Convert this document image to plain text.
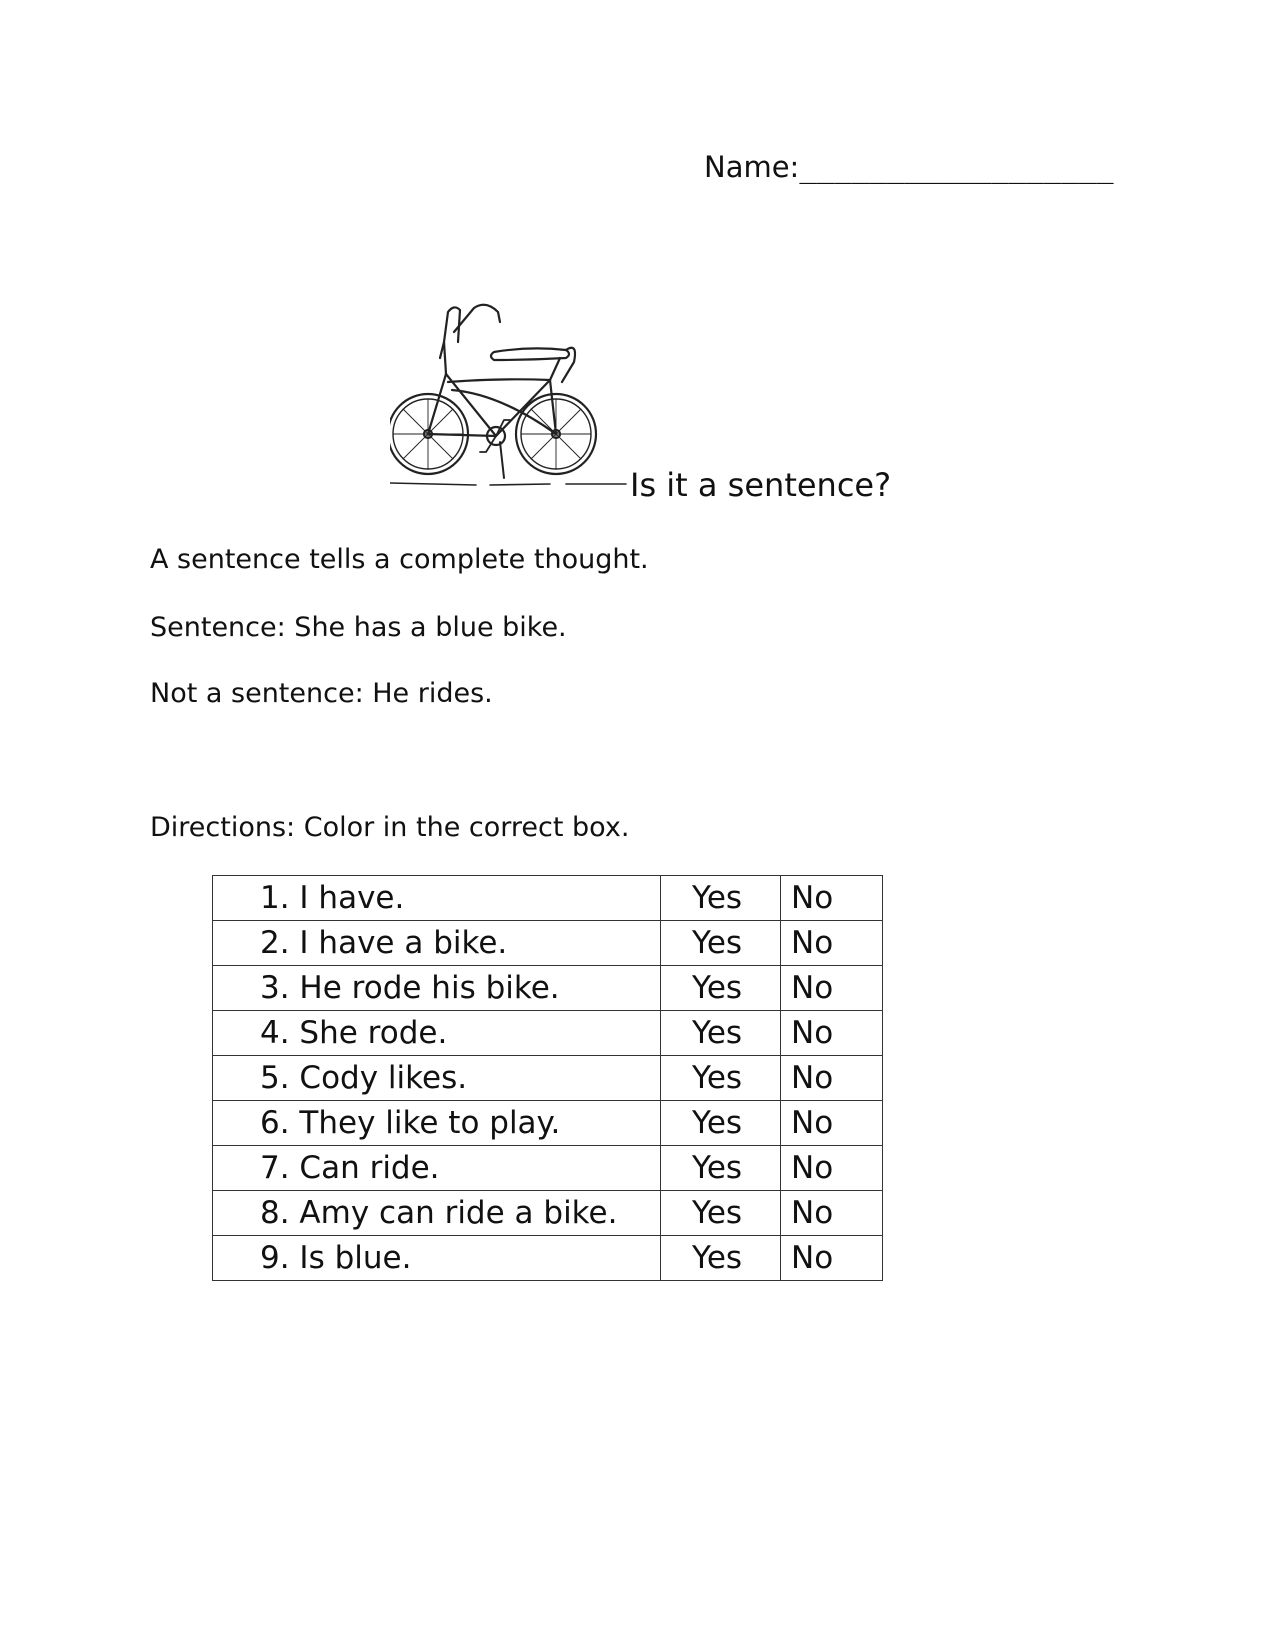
Name:__________________
Is it a sentence?
A sentence tells a complete thought.
Sentence: She has a blue bike.
Not a sentence: He rides.
Directions: Color in the correct box.
1. I have.	Yes	No
2. I have a bike.	Yes	No
3. He rode his bike.	Yes	No
4. She rode.	Yes	No
5. Cody likes.	Yes	No
6. They like to play.	Yes	No
7. Can ride.	Yes	No
8. Amy can ride a bike.	Yes	No
9. Is blue.	Yes	No
